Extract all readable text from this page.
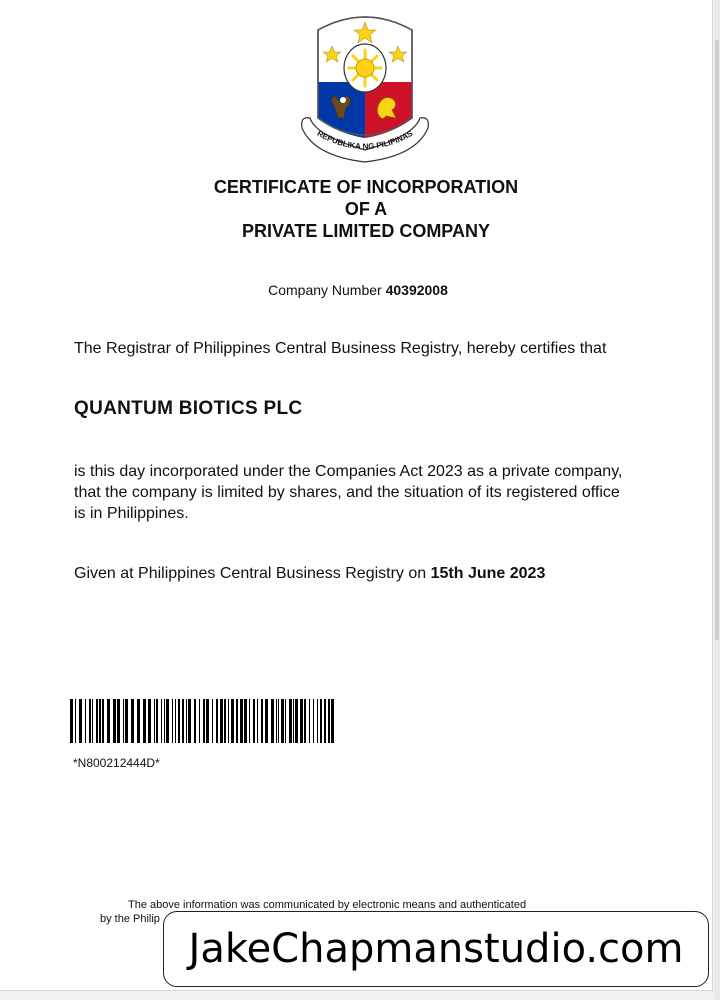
REPUBLIKA NG PILIPINAS
CERTIFICATE OF INCORPORATION
OF A
PRIVATE LIMITED COMPANY
Company Number 40392008
The Registrar of Philippines Central Business Registry, hereby certifies that
QUANTUM BIOTICS PLC
is this day incorporated under the Companies Act 2023 as a private company, that the company is limited by shares, and the situation of its registered office is in Philippines.
Given at Philippines Central Business Registry on 15th June 2023
*N800212444D*
The above information was communicated by electronic means and authenticated
by the Philip
JakeChapmanstudio.com
